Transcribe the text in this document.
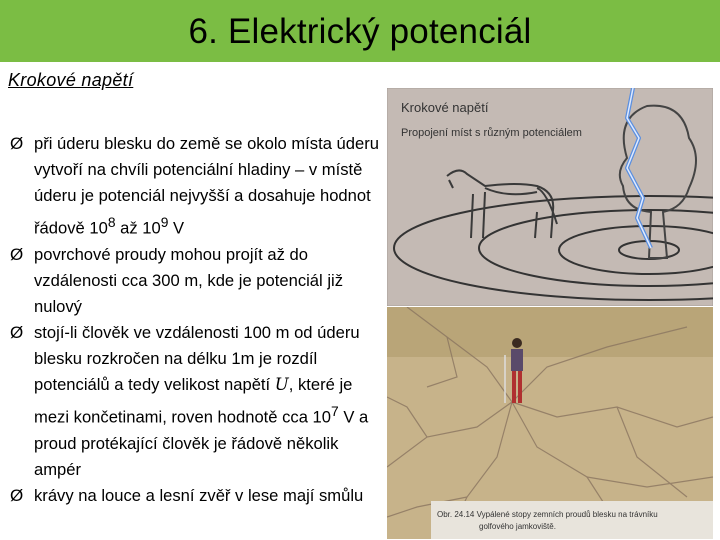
6. Elektrický potenciál
Krokové napětí
Ø při úderu blesku do země se okolo místa úderu vytvoří na chvíli potenciální hladiny – v místě úderu je potenciál nejvyšší a dosahuje hodnot řádově $10^8$ až $10^9$ V
Ø povrchové proudy mohou projít až do vzdálenosti cca 300 m, kde je potenciál již nulový
Ø stojí-li člověk ve vzdálenosti 100 m od úderu blesku rozkročen na délku 1m je rozdíl potenciálů a tedy velikost napětí U, které je mezi končetinami, roven hodnotě cca $10^7$ V a proud protékající člověk je řádově několik ampér
Ø krávy na louce a lesní zvěř v lese mají smůlu
Krokové napětí
Propojení míst s různým potenciálem
Obr. 24.14 Vypálené stopy zemních proudů blesku na trávníku
golfového jamkoviště.
